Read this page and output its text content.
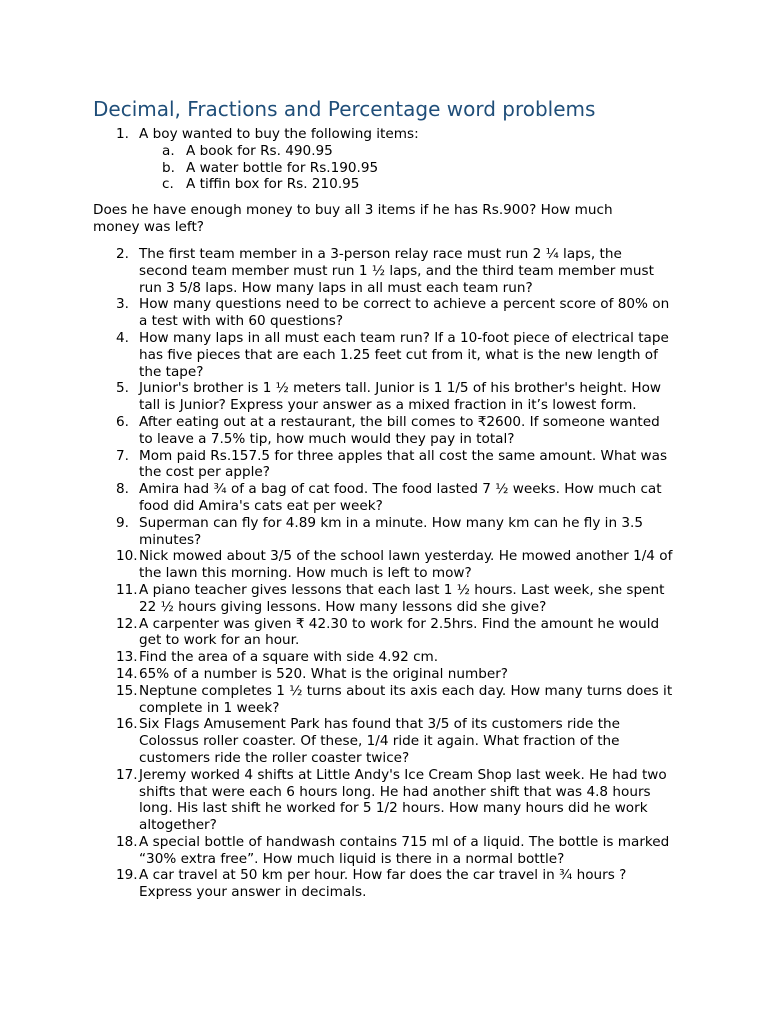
Decimal, Fractions and Percentage word problems
1. A boy wanted to buy the following items:
a. A book for Rs. 490.95
b. A water bottle for Rs.190.95
c. A tiffin box for Rs. 210.95

Does he have enough money to buy all 3 items if he has Rs.900? How much money was left?

2. The first team member in a 3-person relay race must run 2 ¼ laps, the second team member must run 1 ½ laps, and the third team member must run 3 5/8 laps. How many laps in all must each team run?
3. How many questions need to be correct to achieve a percent score of 80% on a test with with 60 questions?
4. How many laps in all must each team run? If a 10-foot piece of electrical tape has five pieces that are each 1.25 feet cut from it, what is the new length of the tape?
5. Junior's brother is 1 ½ meters tall. Junior is 1 1/5 of his brother's height. How tall is Junior? Express your answer as a mixed fraction in it’s lowest form.
6. After eating out at a restaurant, the bill comes to ₹2600. If someone wanted to leave a 7.5% tip, how much would they pay in total?
7. Mom paid Rs.157.5 for three apples that all cost the same amount. What was the cost per apple?
8. Amira had ¾ of a bag of cat food. The food lasted 7 ½ weeks. How much cat food did Amira's cats eat per week?
9. Superman can fly for 4.89 km in a minute. How many km can he fly in 3.5 minutes?
10. Nick mowed about 3/5 of the school lawn yesterday. He mowed another 1/4 of the lawn this morning. How much is left to mow?
11. A piano teacher gives lessons that each last 1 ½ hours. Last week, she spent 22 ½ hours giving lessons. How many lessons did she give?
12. A carpenter was given ₹ 42.30 to work for 2.5hrs. Find the amount he would get to work for an hour.
13. Find the area of a square with side 4.92 cm.
14. 65% of a number is 520. What is the original number?
15. Neptune completes 1 ½ turns about its axis each day. How many turns does it complete in 1 week?
16. Six Flags Amusement Park has found that 3/5 of its customers ride the Colossus roller coaster. Of these, 1/4 ride it again. What fraction of the customers ride the roller coaster twice?
17. Jeremy worked 4 shifts at Little Andy's Ice Cream Shop last week. He had two shifts that were each 6 hours long. He had another shift that was 4.8 hours long. His last shift he worked for 5 1/2 hours. How many hours did he work altogether?
18. A special bottle of handwash contains 715 ml of a liquid. The bottle is marked “30% extra free”. How much liquid is there in a normal bottle?
19. A car travel at 50 km per hour. How far does the car travel in ¾ hours ? Express your answer in decimals.
